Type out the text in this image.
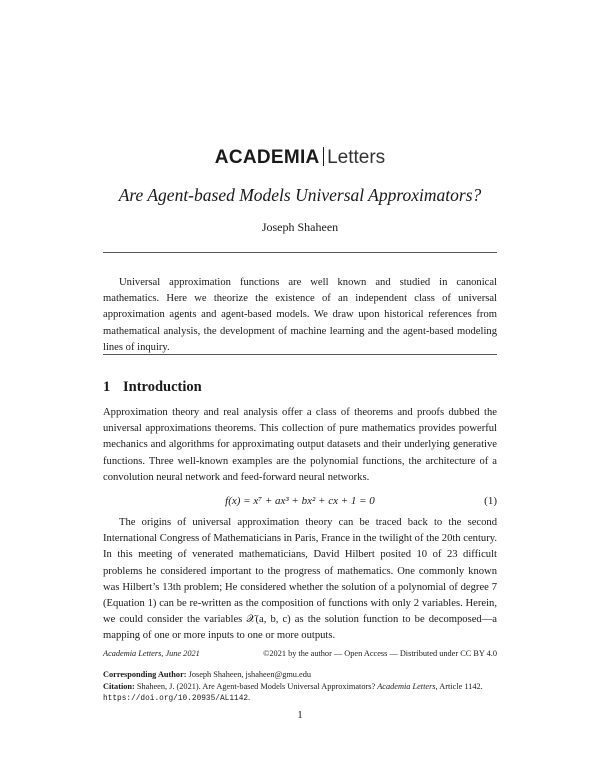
ACADEMIA Letters
Are Agent-based Models Universal Approximators?
Joseph Shaheen
Universal approximation functions are well known and studied in canonical mathematics. Here we theorize the existence of an independent class of universal approximation agents and agent-based models. We draw upon historical references from mathematical analysis, the development of machine learning and the agent-based modeling lines of inquiry.
1 Introduction
Approximation theory and real analysis offer a class of theorems and proofs dubbed the universal approximations theorems. This collection of pure mathematics provides powerful mechanics and algorithms for approximating output datasets and their underlying generative functions. Three well-known examples are the polynomial functions, the architecture of a convolution neural network and feed-forward neural networks.
f(x) = x⁷ + ax³ + bx² + cx + 1 = 0	(1)
The origins of universal approximation theory can be traced back to the second International Congress of Mathematicians in Paris, France in the twilight of the 20th century. In this meeting of venerated mathematicians, David Hilbert posited 10 of 23 difficult problems he considered important to the progress of mathematics. One commonly known was Hilbert’s 13th problem; He considered whether the solution of a polynomial of degree 7 (Equation 1) can be re-written as the composition of functions with only 2 variables. Herein, we could consider the variables 𝒳(a, b, c) as the solution function to be decomposed—a mapping of one or more inputs to one or more outputs.
Academia Letters, June 2021	©2021 by the author — Open Access — Distributed under CC BY 4.0
Corresponding Author: Joseph Shaheen, jshaheen@gmu.edu
Citation: Shaheen, J. (2021). Are Agent-based Models Universal Approximators? Academia Letters, Article 1142. https://doi.org/10.20935/AL1142.
1
